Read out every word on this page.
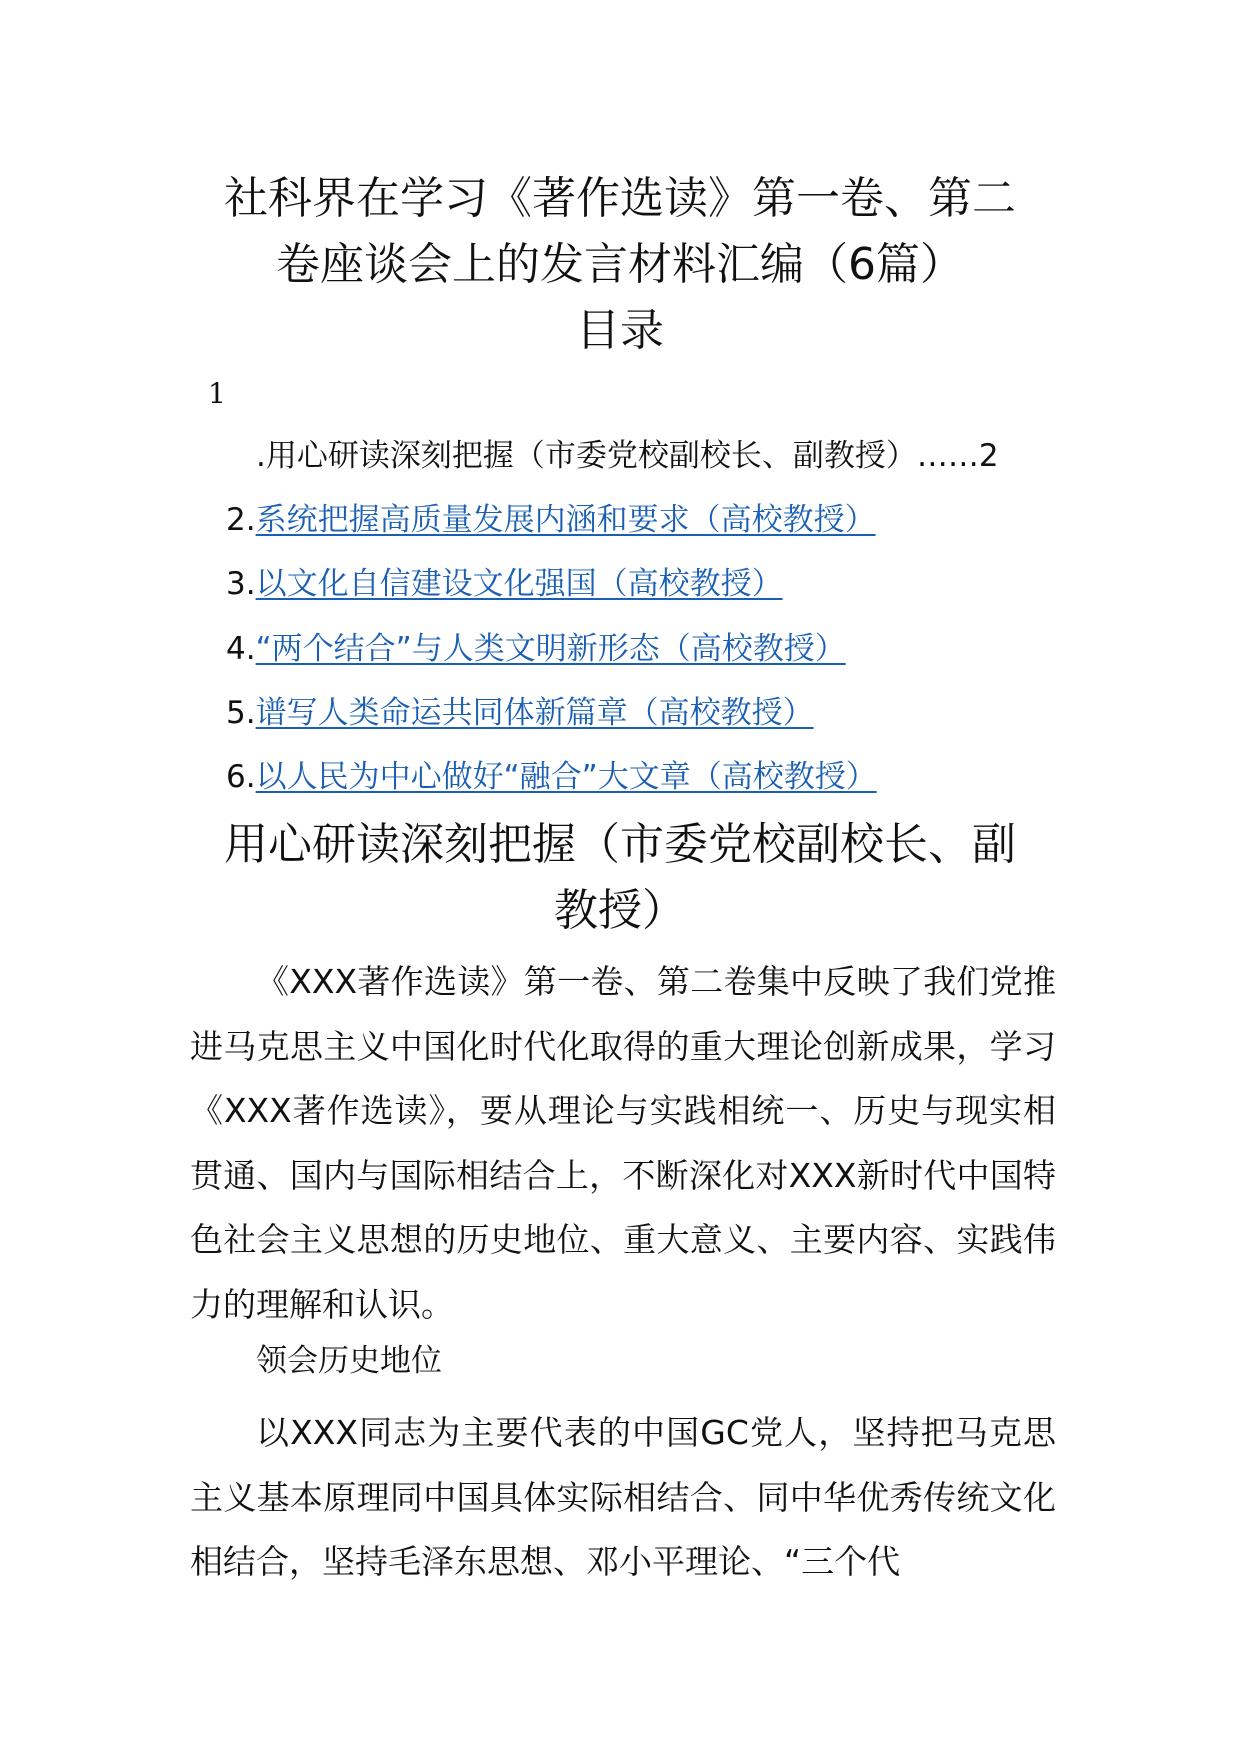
社科界在学习《著作选读》第一卷、第二
卷座谈会上的发言材料汇编（6篇）
目录
1
.用心研读深刻把握（市委党校副校长、副教授）……2
2.系统把握高质量发展内涵和要求（高校教授）
3.以文化自信建设文化强国（高校教授）
4.“两个结合”与人类文明新形态（高校教授）
5.谱写人类命运共同体新篇章（高校教授）
6.以人民为中心做好“融合”大文章（高校教授）
用心研读深刻把握（市委党校副校长、副
教授）

《XXX著作选读》第一卷、第二卷集中反映了我们党推进马克思主义中国化时代化取得的重大理论创新成果，学习《XXX著作选读》，要从理论与实践相统一、历史与现实相贯通、国内与国际相结合上，不断深化对XXX新时代中国特色社会主义思想的历史地位、重大意义、主要内容、实践伟力的理解和认识。

领会历史地位

以XXX同志为主要代表的中国GC党人，坚持把马克思主义基本原理同中国具体实际相结合、同中华优秀传统文化相结合，坚持毛泽东思想、邓小平理论、“三个代
